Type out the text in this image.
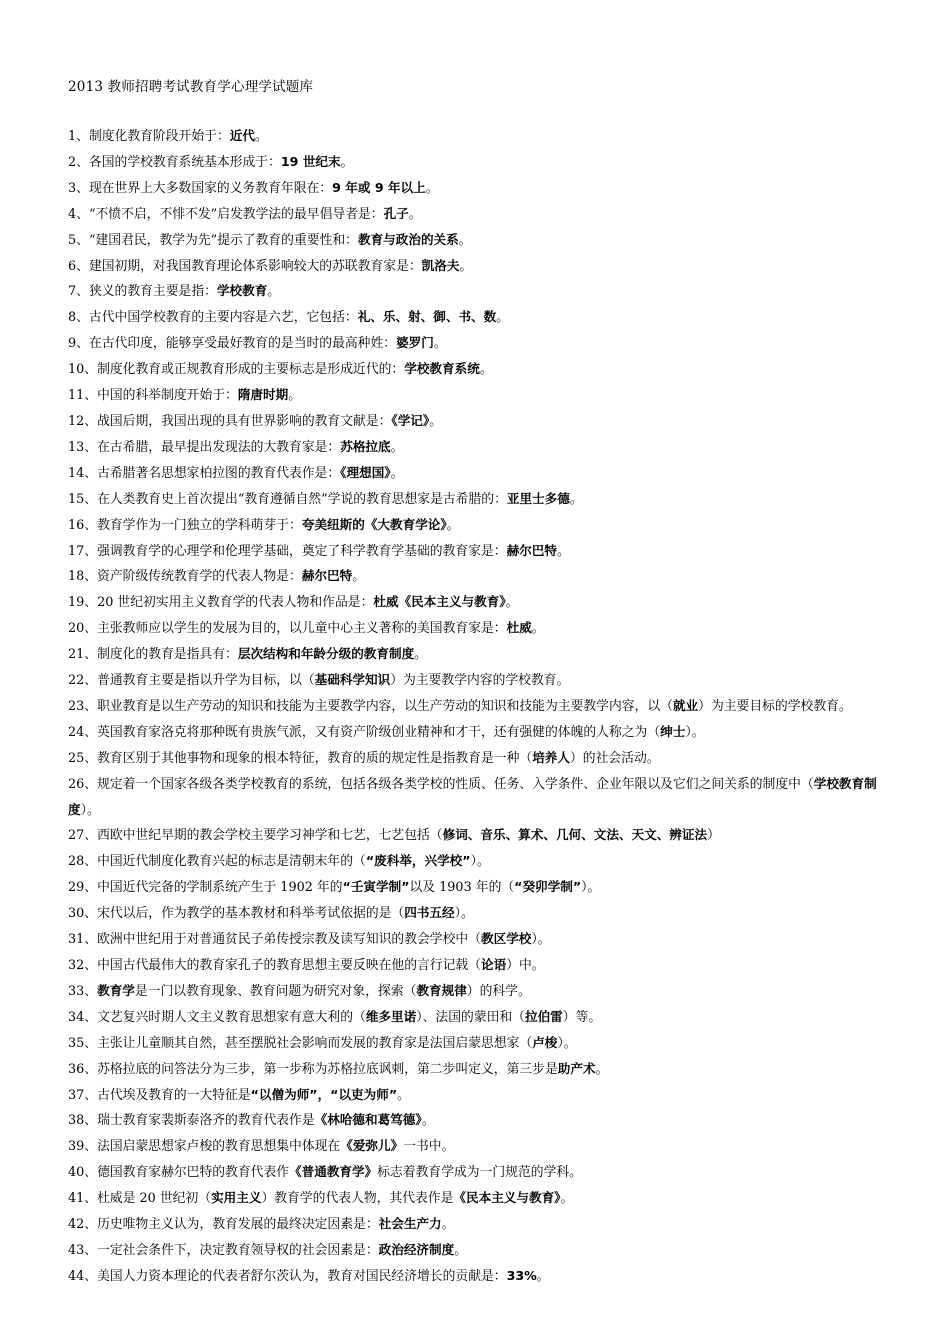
2013 教师招聘考试教育学心理学试题库
1、制度化教育阶段开始于：近代。
2、各国的学校教育系统基本形成于：19 世纪末。
3、现在世界上大多数国家的义务教育年限在：9 年或 9 年以上。
4、“不愤不启，不悱不发”启发教学法的最早倡导者是：孔子。
5、“建国君民，教学为先”提示了教育的重要性和：教育与政治的关系。
6、建国初期，对我国教育理论体系影响较大的苏联教育家是：凯洛夫。
7、狭义的教育主要是指：学校教育。
8、古代中国学校教育的主要内容是六艺，它包括：礼、乐、射、御、书、数。
9、在古代印度，能够享受最好教育的是当时的最高种姓：婆罗门。
10、制度化教育或正规教育形成的主要标志是形成近代的：学校教育系统。
11、中国的科举制度开始于：隋唐时期。
12、战国后期，我国出现的具有世界影响的教育文献是：《学记》。
13、在古希腊，最早提出发现法的大教育家是：苏格拉底。
14、古希腊著名思想家柏拉图的教育代表作是：《理想国》。
15、在人类教育史上首次提出“教育遵循自然”学说的教育思想家是古希腊的：亚里士多德。
16、教育学作为一门独立的学科萌芽于：夸美纽斯的《大教育学论》。
17、强调教育学的心理学和伦理学基础，奠定了科学教育学基础的教育家是：赫尔巴特。
18、资产阶级传统教育学的代表人物是：赫尔巴特。
19、20 世纪初实用主义教育学的代表人物和作品是：杜威《民本主义与教育》。
20、主张教师应以学生的发展为目的，以儿童中心主义著称的美国教育家是：杜威。
21、制度化的教育是指具有：层次结构和年龄分级的教育制度。
22、普通教育主要是指以升学为目标，以（基础科学知识）为主要教学内容的学校教育。
23、职业教育是以生产劳动的知识和技能为主要教学内容，以生产劳动的知识和技能为主要教学内容，以（就业）为主要目标的学校教育。
24、英国教育家洛克将那种既有贵族气派，又有资产阶级创业精神和才干，还有强健的体魄的人称之为（绅士）。
25、教育区别于其他事物和现象的根本特征，教育的质的规定性是指教育是一种（培养人）的社会活动。
26、规定着一个国家各级各类学校教育的系统，包括各级各类学校的性质、任务、入学条件、企业年限以及它们之间关系的制度中（学校教育制度）。
27、西欧中世纪早期的教会学校主要学习神学和七艺，七艺包括（修词、音乐、算术、几何、文法、天文、辨证法）
28、中国近代制度化教育兴起的标志是清朝末年的（“废科举，兴学校”）。
29、中国近代完备的学制系统产生于 1902 年的“壬寅学制”以及 1903 年的（“癸卯学制”）。
30、宋代以后，作为教学的基本教材和科举考试依据的是（四书五经）。
31、欧洲中世纪用于对普通贫民子弟传授宗教及读写知识的教会学校中（教区学校）。
32、中国古代最伟大的教育家孔子的教育思想主要反映在他的言行记载（论语）中。
33、教育学是一门以教育现象、教育问题为研究对象，探索（教育规律）的科学。
34、文艺复兴时期人文主义教育思想家有意大利的（维多里诺）、法国的蒙田和（拉伯雷）等。
35、主张让儿童顺其自然，甚至摆脱社会影响而发展的教育家是法国启蒙思想家（卢梭）。
36、苏格拉底的问答法分为三步，第一步称为苏格拉底讽刺，第二步叫定义，第三步是助产术。
37、古代埃及教育的一大特征是“以僧为师”，“以吏为师”。
38、瑞士教育家裴斯泰洛齐的教育代表作是《林哈德和葛笃德》。
39、法国启蒙思想家卢梭的教育思想集中体现在《爱弥儿》一书中。
40、德国教育家赫尔巴特的教育代表作《普通教育学》标志着教育学成为一门规范的学科。
41、杜威是 20 世纪初（实用主义）教育学的代表人物，其代表作是《民本主义与教育》。
42、历史唯物主义认为，教育发展的最终决定因素是：社会生产力。
43、一定社会条件下，决定教育领导权的社会因素是：政治经济制度。
44、美国人力资本理论的代表者舒尔茨认为，教育对国民经济增长的贡献是：33%。
